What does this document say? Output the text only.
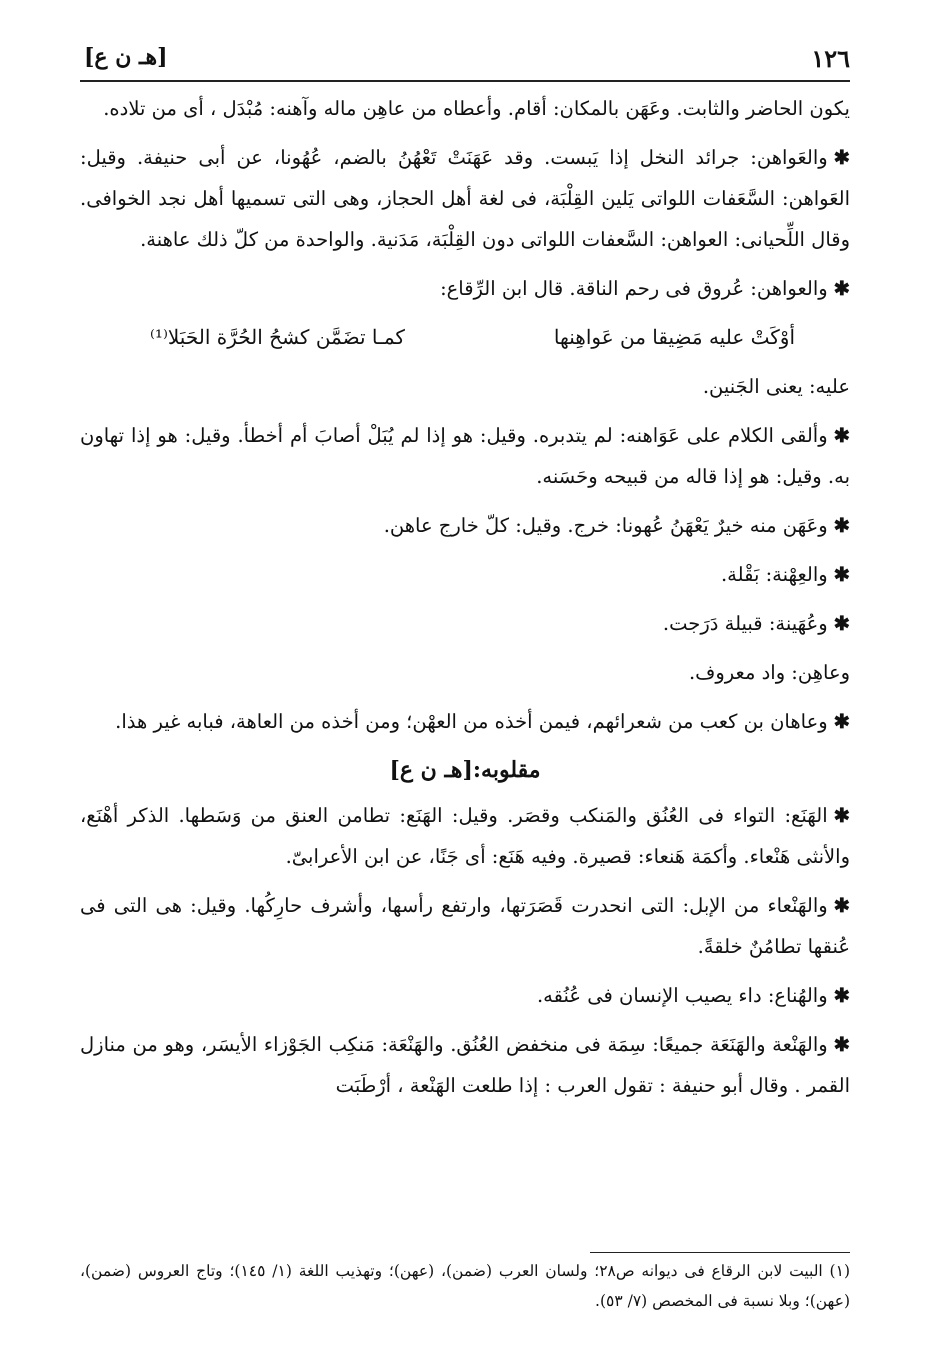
١٢٦
[هـ ن ع]

يكون الحاضر والثابت. وعَهَن بالمكان: أقام. وأعطاه من عاهِن ماله وآهنه: مُبْدَل ، أى من تلاده.

✱والعَواهن: جرائد النخل إذا يَبست. وقد عَهَنَتْ تَعْهُنُ بالضم، عُهُونا، عن أبى حنيفة. وقيل: العَواهن: السَّعَفات اللواتى يَلين القِلْبَة، فى لغة أهل الحجاز، وهى التى تسميها أهل نجد الخوافى. وقال اللِّحيانى: العواهن: السَّعفات اللواتى دون القِلْبَة، مَدَنية. والواحدة من كلّ ذلك عاهنة.

✱والعواهن: عُروق فى رحم الناقة. قال ابن الرِّقاع:

أوْكَتْ عليه مَضِيقا من عَواهِنها
كمـا تضَمَّن كشحُ الحُرَّة الحَبَلا⁽¹⁾

عليه: يعنى الجَنين.

✱وألقى الكلام على عَوَاهنه: لم يتدبره. وقيل: هو إذا لم يُبَلْ أصابَ أم أخطأ. وقيل: هو إذا تهاون به. وقيل: هو إذا قاله من قبيحه وحَسَنه.

✱وعَهَن منه خيرٌ يَعْهَنُ عُهونا: خرج. وقيل: كلّ خارج عاهن.

✱والعِهْنة: بَقْلة.

✱وعُهَينة: قبيلة دَرَجت.

وعاهِن: واد معروف.

✱وعاهان بن كعب من شعرائهم، فيمن أخذه من العهْن؛ ومن أخذه من العاهة، فبابه غير هذا.

مقلوبه:[هـ ن ع]

✱الهَنَع: التواء فى العُنُق والمَنكب وقصَر. وقيل: الهَنَع: تطامن العنق من وَسَطها. الذكر أهْنَع، والأنثى هَنْعاء. وأكمَة هَنعاء: قصيرة. وفيه هَنَع: أى جَنًا، عن ابن الأعرابىّ.

✱والهَنْعاء من الإبل: التى انحدرت قَصَرَتها، وارتفع رأسها، وأشرف حارِكُها. وقيل: هى التى فى عُنقها تطامُنٌ خلقةً.

✱والهُناع: داء يصيب الإنسان فى عُنُقه.

✱والهَنْعة والهَنَعَة جميعًا: سِمَة فى منخفض العُنُق. والهَنْعَة: مَنكِب الجَوْزاء الأيسَر، وهو من منازل القمر . وقال أبو حنيفة : تقول العرب : إذا طلعت الهَنْعة ، أرْطَبَت

(١) البيت لابن الرقاع فى ديوانه ص٢٨؛ ولسان العرب (ضمن)، (عهن)؛ وتهذيب اللغة (١/ ١٤٥)؛ وتاج العروس (ضمن)، (عهن)؛ وبلا نسبة فى المخصص (٧/ ٥٣).
